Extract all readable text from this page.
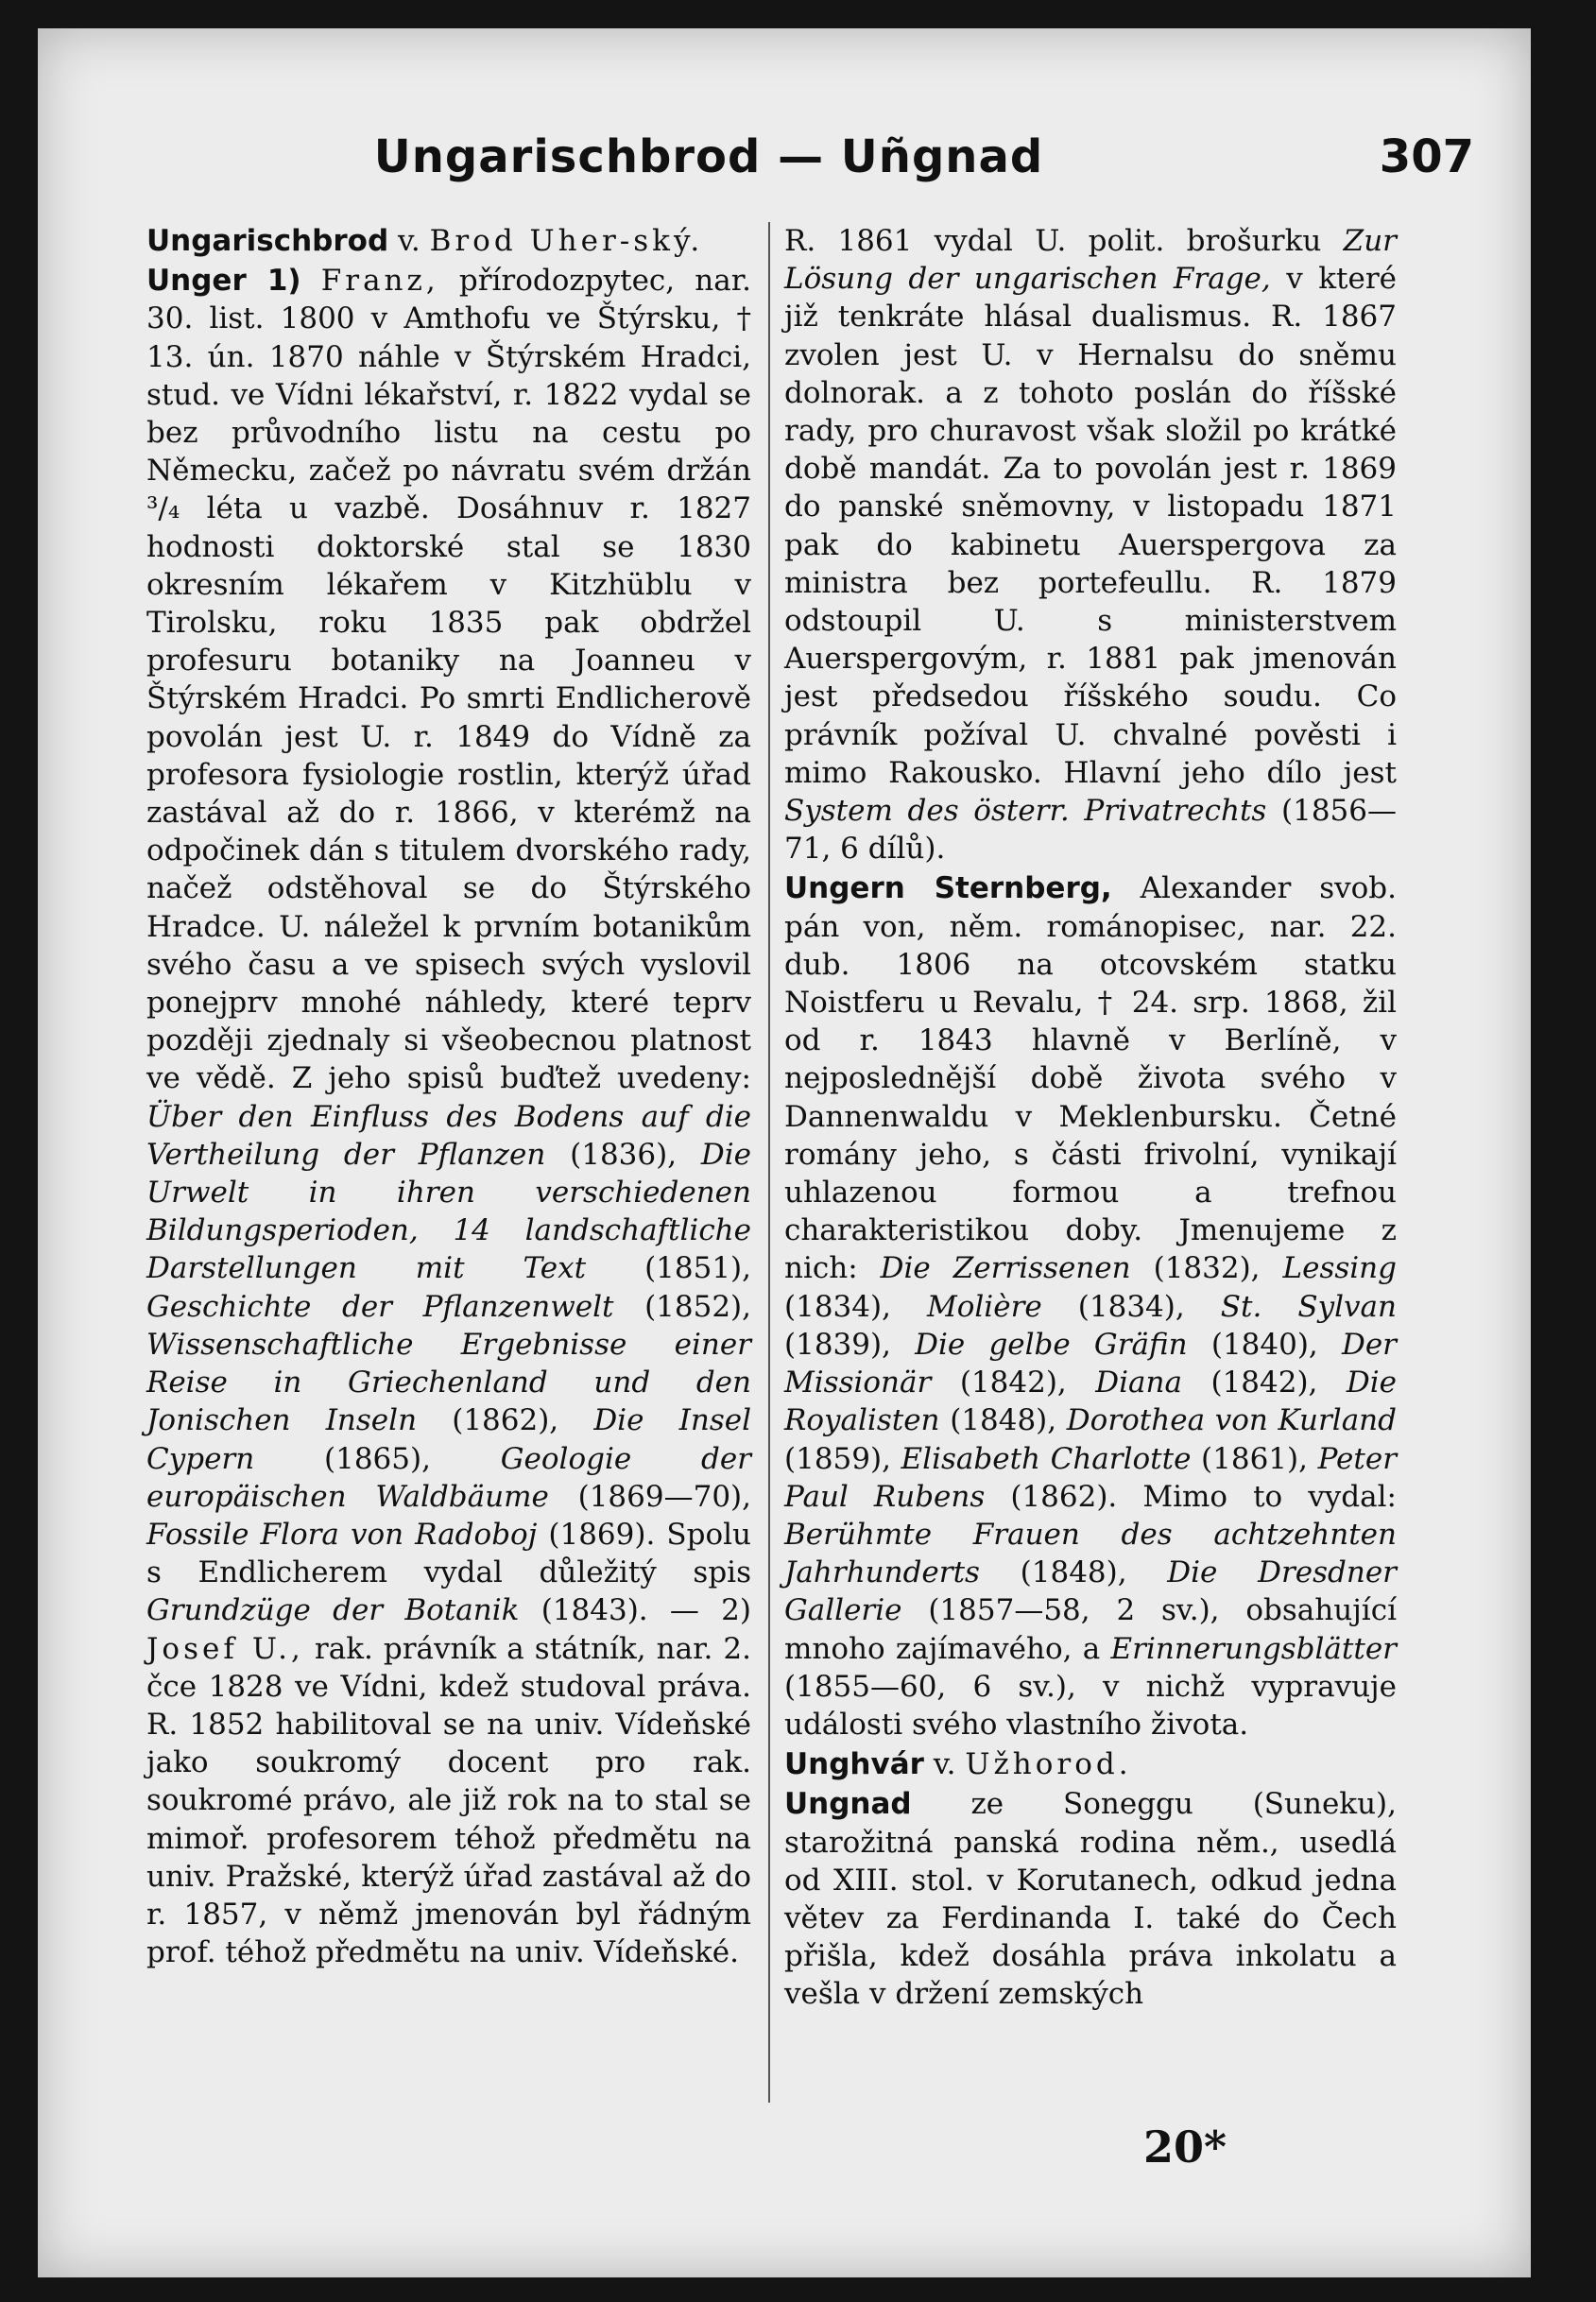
Ungarischbrod — Uñgnad	307

Ungarischbrod v. Brod Uher-ský.

Unger 1) Franz, přírodozpytec, nar. 30. list. 1800 v Amthofu ve Štýrsku, † 13. ún. 1870 náhle v Štýrském Hradci, stud. ve Vídni lékařství, r. 1822 vydal se bez průvodního listu na cestu po Německu, začež po návratu svém držán ³/₄ léta u vazbě. Dosáhnuv r. 1827 hodnosti doktorské stal se 1830 okresním lékařem v Kitzhüblu v Tirolsku, roku 1835 pak obdržel profesuru botaniky na Joanneu v Štýrském Hradci. Po smrti Endlicherově povolán jest U. r. 1849 do Vídně za profesora fysiologie rostlin, kterýž úřad zastával až do r. 1866, v kterémž na odpočinek dán s titulem dvorského rady, načež odstěhoval se do Štýrského Hradce. U. náležel k prvním botanikům svého času a ve spisech svých vyslovil ponejprv mnohé náhledy, které teprv později zjednaly si všeobecnou platnost ve vědě. Z jeho spisů buďtež uvedeny: Über den Einfluss des Bodens auf die Vertheilung der Pflanzen (1836), Die Urwelt in ihren verschiedenen Bildungsperioden, 14 landschaftliche Darstellungen mit Text (1851), Geschichte der Pflanzenwelt (1852), Wissenschaftliche Ergebnisse einer Reise in Griechenland und den Jonischen Inseln (1862), Die Insel Cypern (1865), Geologie der europäischen Waldbäume (1869—70), Fossile Flora von Radoboj (1869). Spolu s Endlicherem vydal důležitý spis Grundzüge der Botanik (1843). — 2) Josef U., rak. právník a státník, nar. 2. čce 1828 ve Vídni, kdež studoval práva. R. 1852 habilitoval se na univ. Vídeňské jako soukromý docent pro rak. soukromé právo, ale již rok na to stal se mimoř. profesorem téhož předmětu na univ. Pražské, kterýž úřad zastával až do r. 1857, v němž jmenován byl řádným prof. téhož předmětu na univ. Vídeňské.

R. 1861 vydal U. polit. brošurku Zur Lösung der ungarischen Frage, v které již tenkráte hlásal dualismus. R. 1867 zvolen jest U. v Hernalsu do sněmu dolnorak. a z tohoto poslán do říšské rady, pro churavost však složil po krátké době mandát. Za to povolán jest r. 1869 do panské sněmovny, v listopadu 1871 pak do kabinetu Auerspergova za ministra bez portefeullu. R. 1879 odstoupil U. s ministerstvem Auerspergovým, r. 1881 pak jmenován jest předsedou říšského soudu. Co právník požíval U. chvalné pověsti i mimo Rakousko. Hlavní jeho dílo jest System des österr. Privatrechts (1856—71, 6 dílů).

Ungern Sternberg, Alexander svob. pán von, něm. románopisec, nar. 22. dub. 1806 na otcovském statku Noistferu u Revalu, † 24. srp. 1868, žil od r. 1843 hlavně v Berlíně, v nejposlednější době života svého v Dannenwaldu v Meklenbursku. Četné romány jeho, s části frivolní, vynikají uhlazenou formou a trefnou charakteristikou doby. Jmenujeme z nich: Die Zerrissenen (1832), Lessing (1834), Molière (1834), St. Sylvan (1839), Die gelbe Gräfin (1840), Der Missionär (1842), Diana (1842), Die Royalisten (1848), Dorothea von Kurland (1859), Elisabeth Charlotte (1861), Peter Paul Rubens (1862). Mimo to vydal: Berühmte Frauen des achtzehnten Jahrhunderts (1848), Die Dresdner Gallerie (1857—58, 2 sv.), obsahující mnoho zajímavého, a Erinnerungsblätter (1855—60, 6 sv.), v nichž vypravuje události svého vlastního života.

Unghvár v. Užhorod.

Ungnad ze Soneggu (Suneku), starožitná panská rodina něm., usedlá od XIII. stol. v Korutanech, odkud jedna větev za Ferdinanda I. také do Čech přišla, kdež dosáhla práva inkolatu a vešla v držení zemských

20*
